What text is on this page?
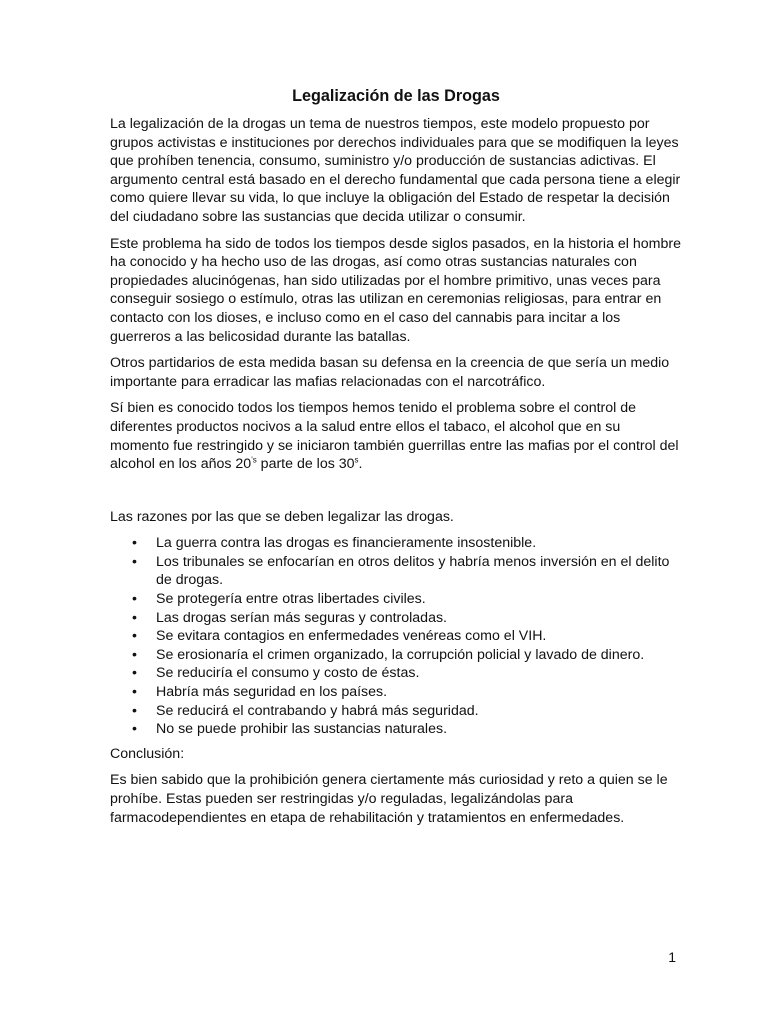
Legalización de las Drogas

La legalización de la drogas un tema de nuestros tiempos, este modelo propuesto por grupos activistas e instituciones por derechos individuales para que se modifiquen la leyes que prohíben tenencia, consumo, suministro y/o producción de sustancias adictivas. El argumento central está basado en el derecho fundamental que cada persona tiene a elegir como quiere llevar su vida, lo que incluye la obligación del Estado de respetar la decisión del ciudadano sobre las sustancias que decida utilizar o consumir.

Este problema ha sido de todos los tiempos desde siglos pasados, en la historia el hombre ha conocido y ha hecho uso de las drogas, así como otras sustancias naturales con propiedades alucinógenas, han sido utilizadas por el hombre primitivo, unas veces para conseguir sosiego o estímulo, otras las utilizan en ceremonias religiosas, para entrar en contacto con los dioses, e incluso como en el caso del cannabis para incitar a los guerreros a las belicosidad durante las batallas.

Otros partidarios de esta medida basan su defensa en la creencia de que sería un medio importante para erradicar las mafias relacionadas con el narcotráfico.

Sí bien es conocido todos los tiempos hemos tenido el problema sobre el control de diferentes productos nocivos a la salud entre ellos el tabaco, el alcohol que en su momento fue restringido y se iniciaron también guerrillas entre las mafias por el control del alcohol en los años $20^{'s}$ parte de los 30$^s$.

Las razones por las que se deben legalizar las drogas.

• La guerra contra las drogas es financieramente insostenible.
• Los tribunales se enfocarían en otros delitos y habría menos inversión en el delito de drogas.
• Se protegería entre otras libertades civiles.
• Las drogas serían más seguras y controladas.
• Se evitara contagios en enfermedades venéreas como el VIH.
• Se erosionaría el crimen organizado, la corrupción policial y lavado de dinero.
• Se reduciría el consumo y costo de éstas.
• Habría más seguridad en los países.
• Se reducirá el contrabando y habrá más seguridad.
• No se puede prohibir las sustancias naturales.

Conclusión:

Es bien sabido que la prohibición genera ciertamente más curiosidad y reto a quien se le prohíbe. Estas pueden ser restringidas y/o reguladas, legalizándolas para farmacodependientes en etapa de rehabilitación y tratamientos en enfermedades.

1
